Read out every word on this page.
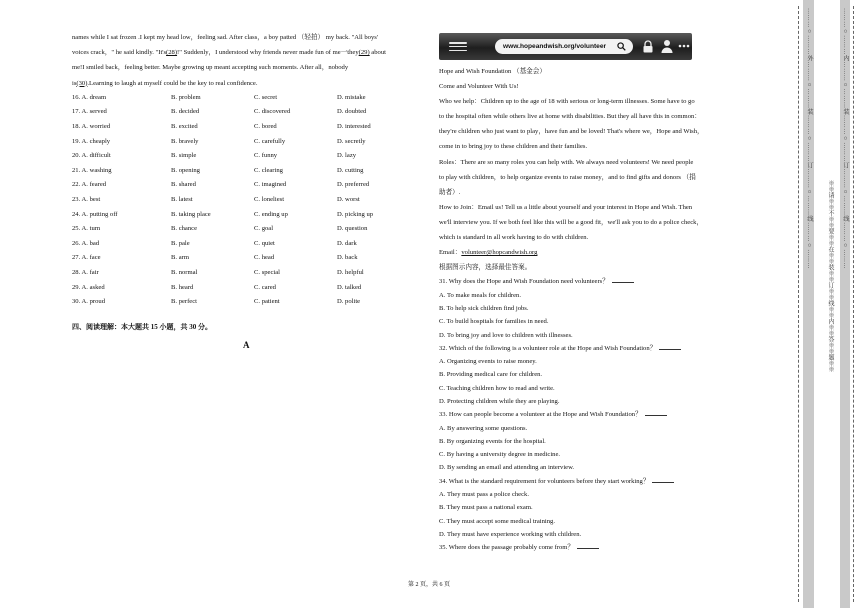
names while I sat frozen .I kept my head low，feeling sad. After class，a boy patted （轻拍） my back. "All boys'

voices crack，" he said kindly. "It's(28)!" Suddenly，I understood why friends never made fun of me一they(29) about

me!I smiled back，feeling better. Maybe growing up meant accepting such moments. After all，nobody

is(30).Learning to laugh at myself could be the key to real confidence.

16. A. dream	B. problem	C. secret	D. mistake
17. A. served	B. decided	C. discovered	D. doubted
18. A. worried	B. excited	C. bored	D. interested
19. A. cheaply	B. bravely	C. carefully	D. secretly
20. A. difficult	B. simple	C. funny	D. lazy
21. A. washing	B. opening	C. clearing	D. cutting
22. A. feared	B. shared	C. imagined	D. preferred
23. A. best	B. latest	C. loneliest	D. worst
24. A. putting off	B. taking place	C. ending up	D. picking up
25. A. turn	B. chance	C. goal	D. question
26. A. bad	B. pale	C. quiet	D. dark
27. A. face	B. arm	C. head	D. back
28. A. fair	B. normal	C. special	D. helpful
29. A. asked	B. heard	C. cared	D. talked
30. A. proud	B. perfect	C. patient	D. polite
四、阅读理解：本大题共 15 小题，共 30 分。
A
www.hopeandwish.org/volunteer

Hope and Wish Foundation （基金会）

Come and Volunteer With Us!

Who we help：Children up to the age of 18 with serious or long-term illnesses. Some have to go

to the hospital often while others live at home with disabilities. But they all have this in common：

they're children who just want to play，have fun and be loved! That's where we，Hope and Wish，

come in to bring joy to these children and their families.

Roles：There are so many roles you can help with. We always need volunteers! We need people

to play with children，to help organize events to raise money，and to find gifts and donors （捐

助者）.

How to Join：Email us! Tell us a little about yourself and your interest in Hope and Wish. Then

we'll interview you. If we both feel like this will be a good fit，we'll ask you to do a police check，

which is standard in all work having to do with children.

Email：volunteer@hopcandwish.org

根据图示内容，选择最佳答案。

31. Why does the Hope and Wish Foundation need volunteers？
A. To make meals for children.
B. To help sick children find jobs.
C. To build hospitals for families in need.
D. To bring joy and love to children with illnesses.
32. Which of the following is a volunteer role at the Hope and Wish Foundation？
A. Organizing events to raise money.
B. Providing medical care for children.
C. Teaching children how to read and write.
D. Protecting children while they are playing.
33. How can people become a volunteer at the Hope and Wish Foundation？
A. By answering some questions.
B. By organizing events for the hospital.
C. By having a university degree in medicine.
D. By sending an email and attending an interview.
34. What is the standard requirement for volunteers before they start working？
A. They must pass a police check.
B. They must pass a national exam.
C. They must accept some medical training.
D. They must have experience working with children.
35. Where does the passage probably come from？
第 2 页，共 6 页
………○………外………○………装………○………订………○………线………○………
※※请※※不※※要※※在※※装※※订※※线※※内※※答※※题※※
………○………内………○………装………○………订………○………线………○………
